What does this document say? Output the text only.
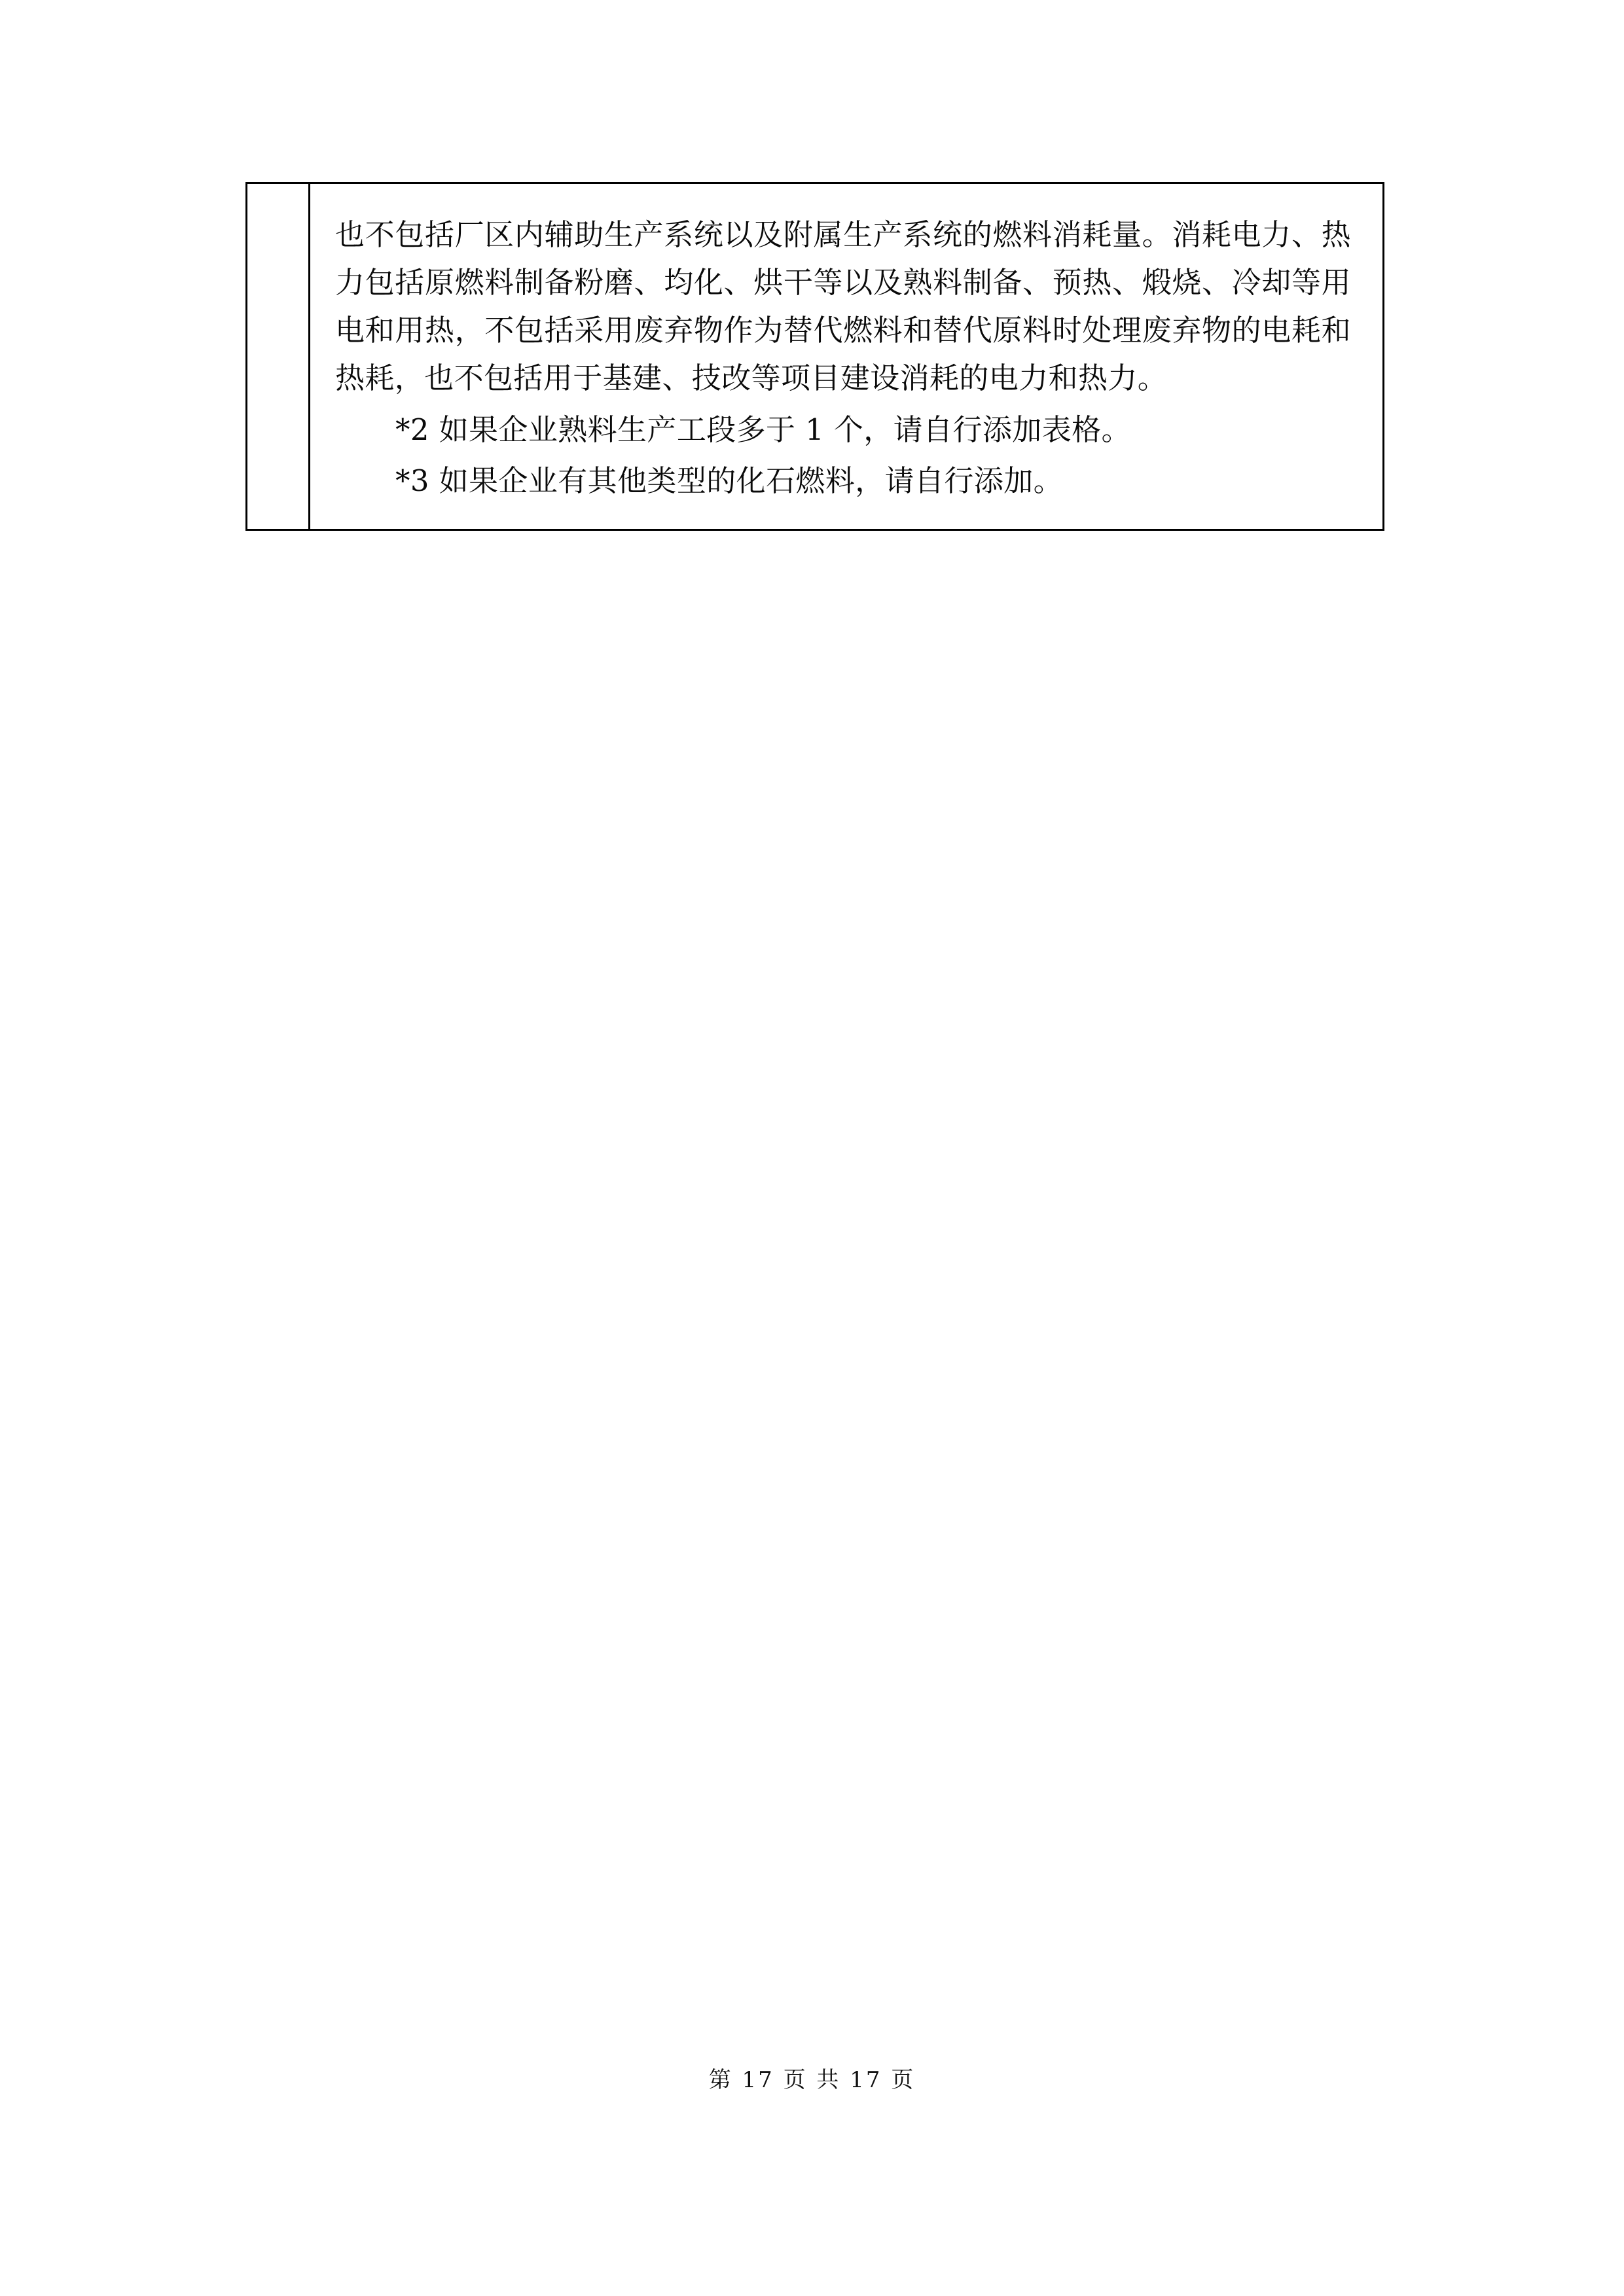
也不包括厂区内辅助生产系统以及附属生产系统的燃料消耗量。消耗电力、热力包括原燃料制备粉磨、均化、烘干等以及熟料制备、预热、煅烧、冷却等用电和用热，不包括采用废弃物作为替代燃料和替代原料时处理废弃物的电耗和热耗，也不包括用于基建、技改等项目建设消耗的电力和热力。

*2 如果企业熟料生产工段多于 1 个，请自行添加表格。

*3 如果企业有其他类型的化石燃料，请自行添加。

第 17 页 共 17 页
